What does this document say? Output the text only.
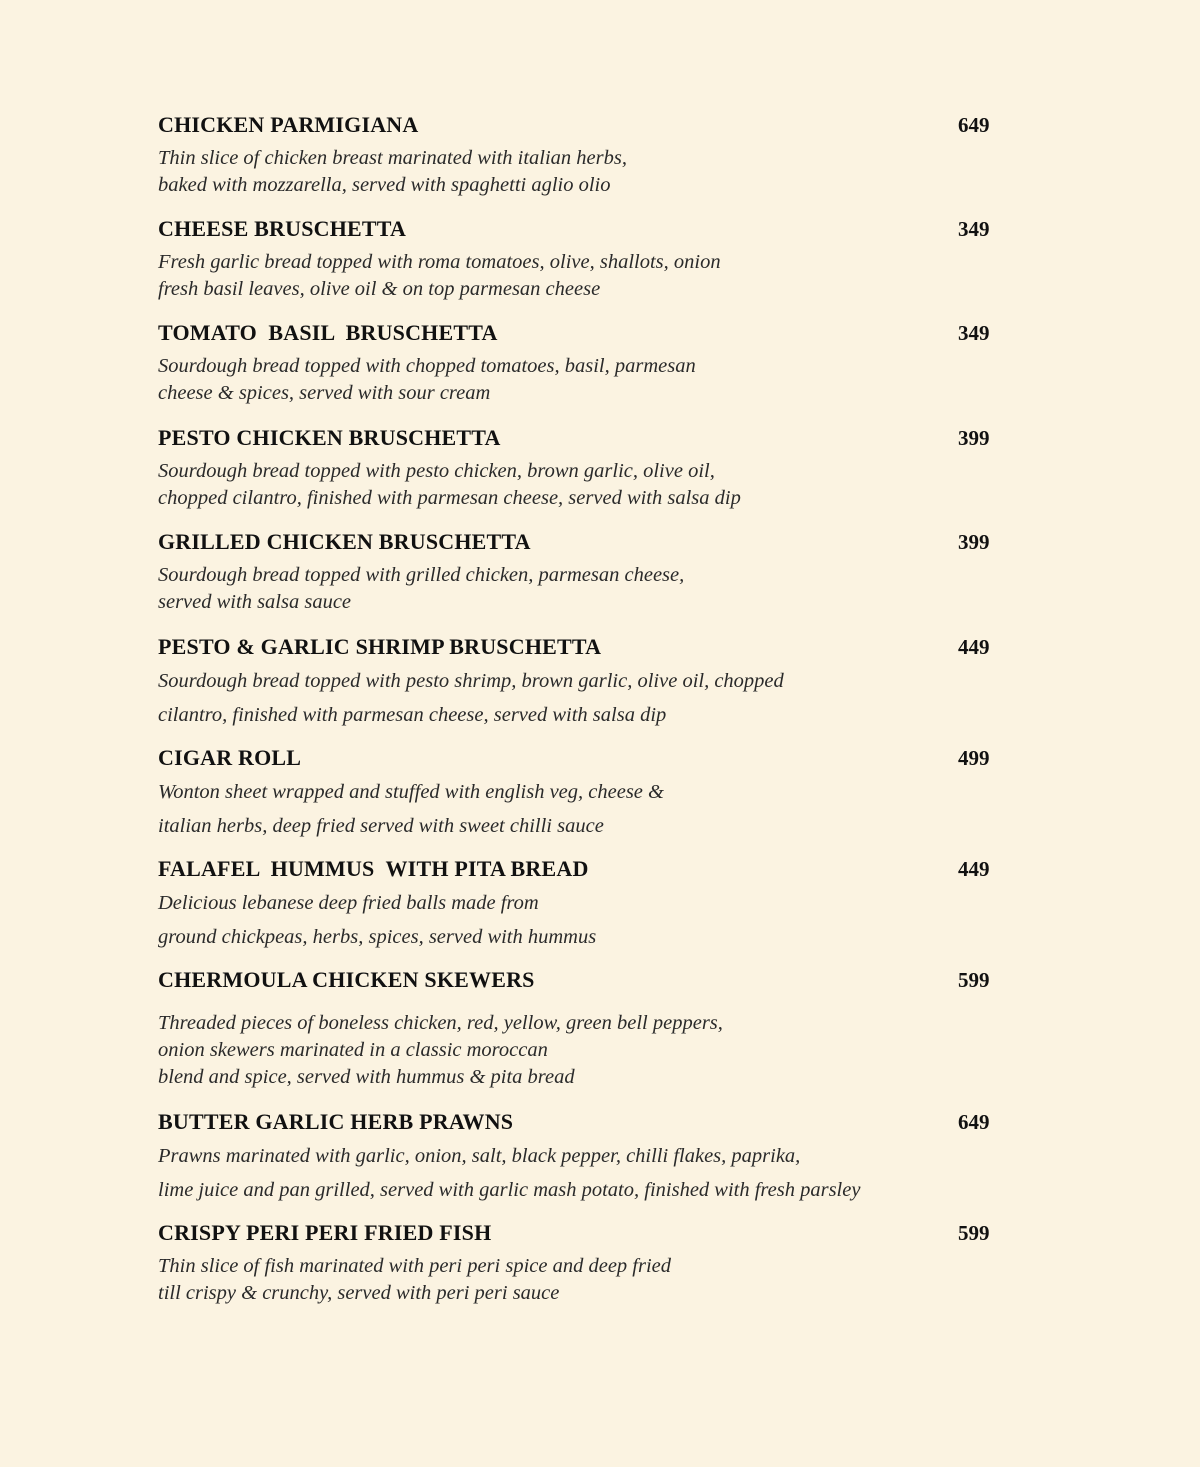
CHICKEN PARMIGIANA	649
Thin slice of chicken breast marinated with italian herbs,
baked with mozzarella, served with spaghetti aglio olio
CHEESE BRUSCHETTA	349
Fresh garlic bread topped with roma tomatoes, olive, shallots, onion
fresh basil leaves, olive oil & on top parmesan cheese
TOMATO  BASIL  BRUSCHETTA	349
Sourdough bread topped with chopped tomatoes, basil, parmesan
cheese & spices, served with sour cream
PESTO CHICKEN BRUSCHETTA	399
Sourdough bread topped with pesto chicken, brown garlic, olive oil,
chopped cilantro, finished with parmesan cheese, served with salsa dip
GRILLED CHICKEN BRUSCHETTA	399
Sourdough bread topped with grilled chicken, parmesan cheese,
served with salsa sauce
PESTO & GARLIC SHRIMP BRUSCHETTA	449
Sourdough bread topped with pesto shrimp, brown garlic, olive oil, chopped
cilantro, finished with parmesan cheese, served with salsa dip
CIGAR ROLL	499
Wonton sheet wrapped and stuffed with english veg, cheese &
italian herbs, deep fried served with sweet chilli sauce
FALAFEL  HUMMUS  WITH PITA BREAD	449
Delicious lebanese deep fried balls made from
ground chickpeas, herbs, spices, served with hummus
CHERMOULA CHICKEN SKEWERS	599
Threaded pieces of boneless chicken, red, yellow, green bell peppers,
onion skewers marinated in a classic moroccan
blend and spice, served with hummus & pita bread
BUTTER GARLIC HERB PRAWNS	649
Prawns marinated with garlic, onion, salt, black pepper, chilli flakes, paprika,
lime juice and pan grilled, served with garlic mash potato, finished with fresh parsley
CRISPY PERI PERI FRIED FISH	599
Thin slice of fish marinated with peri peri spice and deep fried
till crispy & crunchy, served with peri peri sauce
